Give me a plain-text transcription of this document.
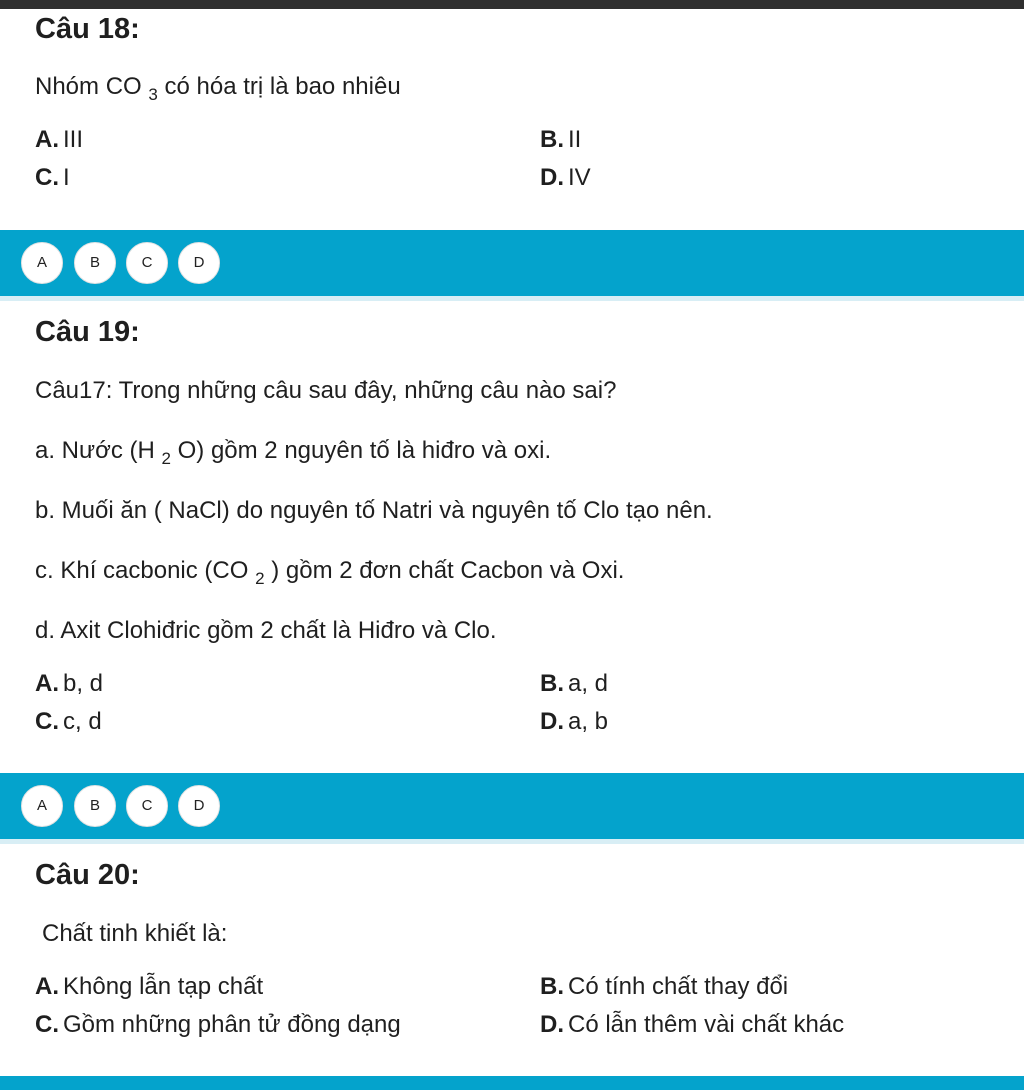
Câu 18:
Nhóm CO $_3$ có hóa trị là bao nhiêu
A. III	B. II
C. I	D. IV
A	B	C	D
Câu 19:
Câu17: Trong những câu sau đây, những câu nào sai?
a. Nước (H $_2$ O) gồm 2 nguyên tố là hiđro và oxi.
b. Muối ăn ( NaCl) do nguyên tố Natri và nguyên tố Clo tạo nên.
c. Khí cacbonic (CO $_2$ ) gồm 2 đơn chất Cacbon và Oxi.
d. Axit Clohiđric gồm 2 chất là Hiđro và Clo.
A. b, d	B. a, d
C. c, d	D. a, b
A	B	C	D
Câu 20:
Chất tinh khiết là:
A. Không lẫn tạp chất	B. Có tính chất thay đổi
C. Gồm những phân tử đồng dạng	D. Có lẫn thêm vài chất khác
